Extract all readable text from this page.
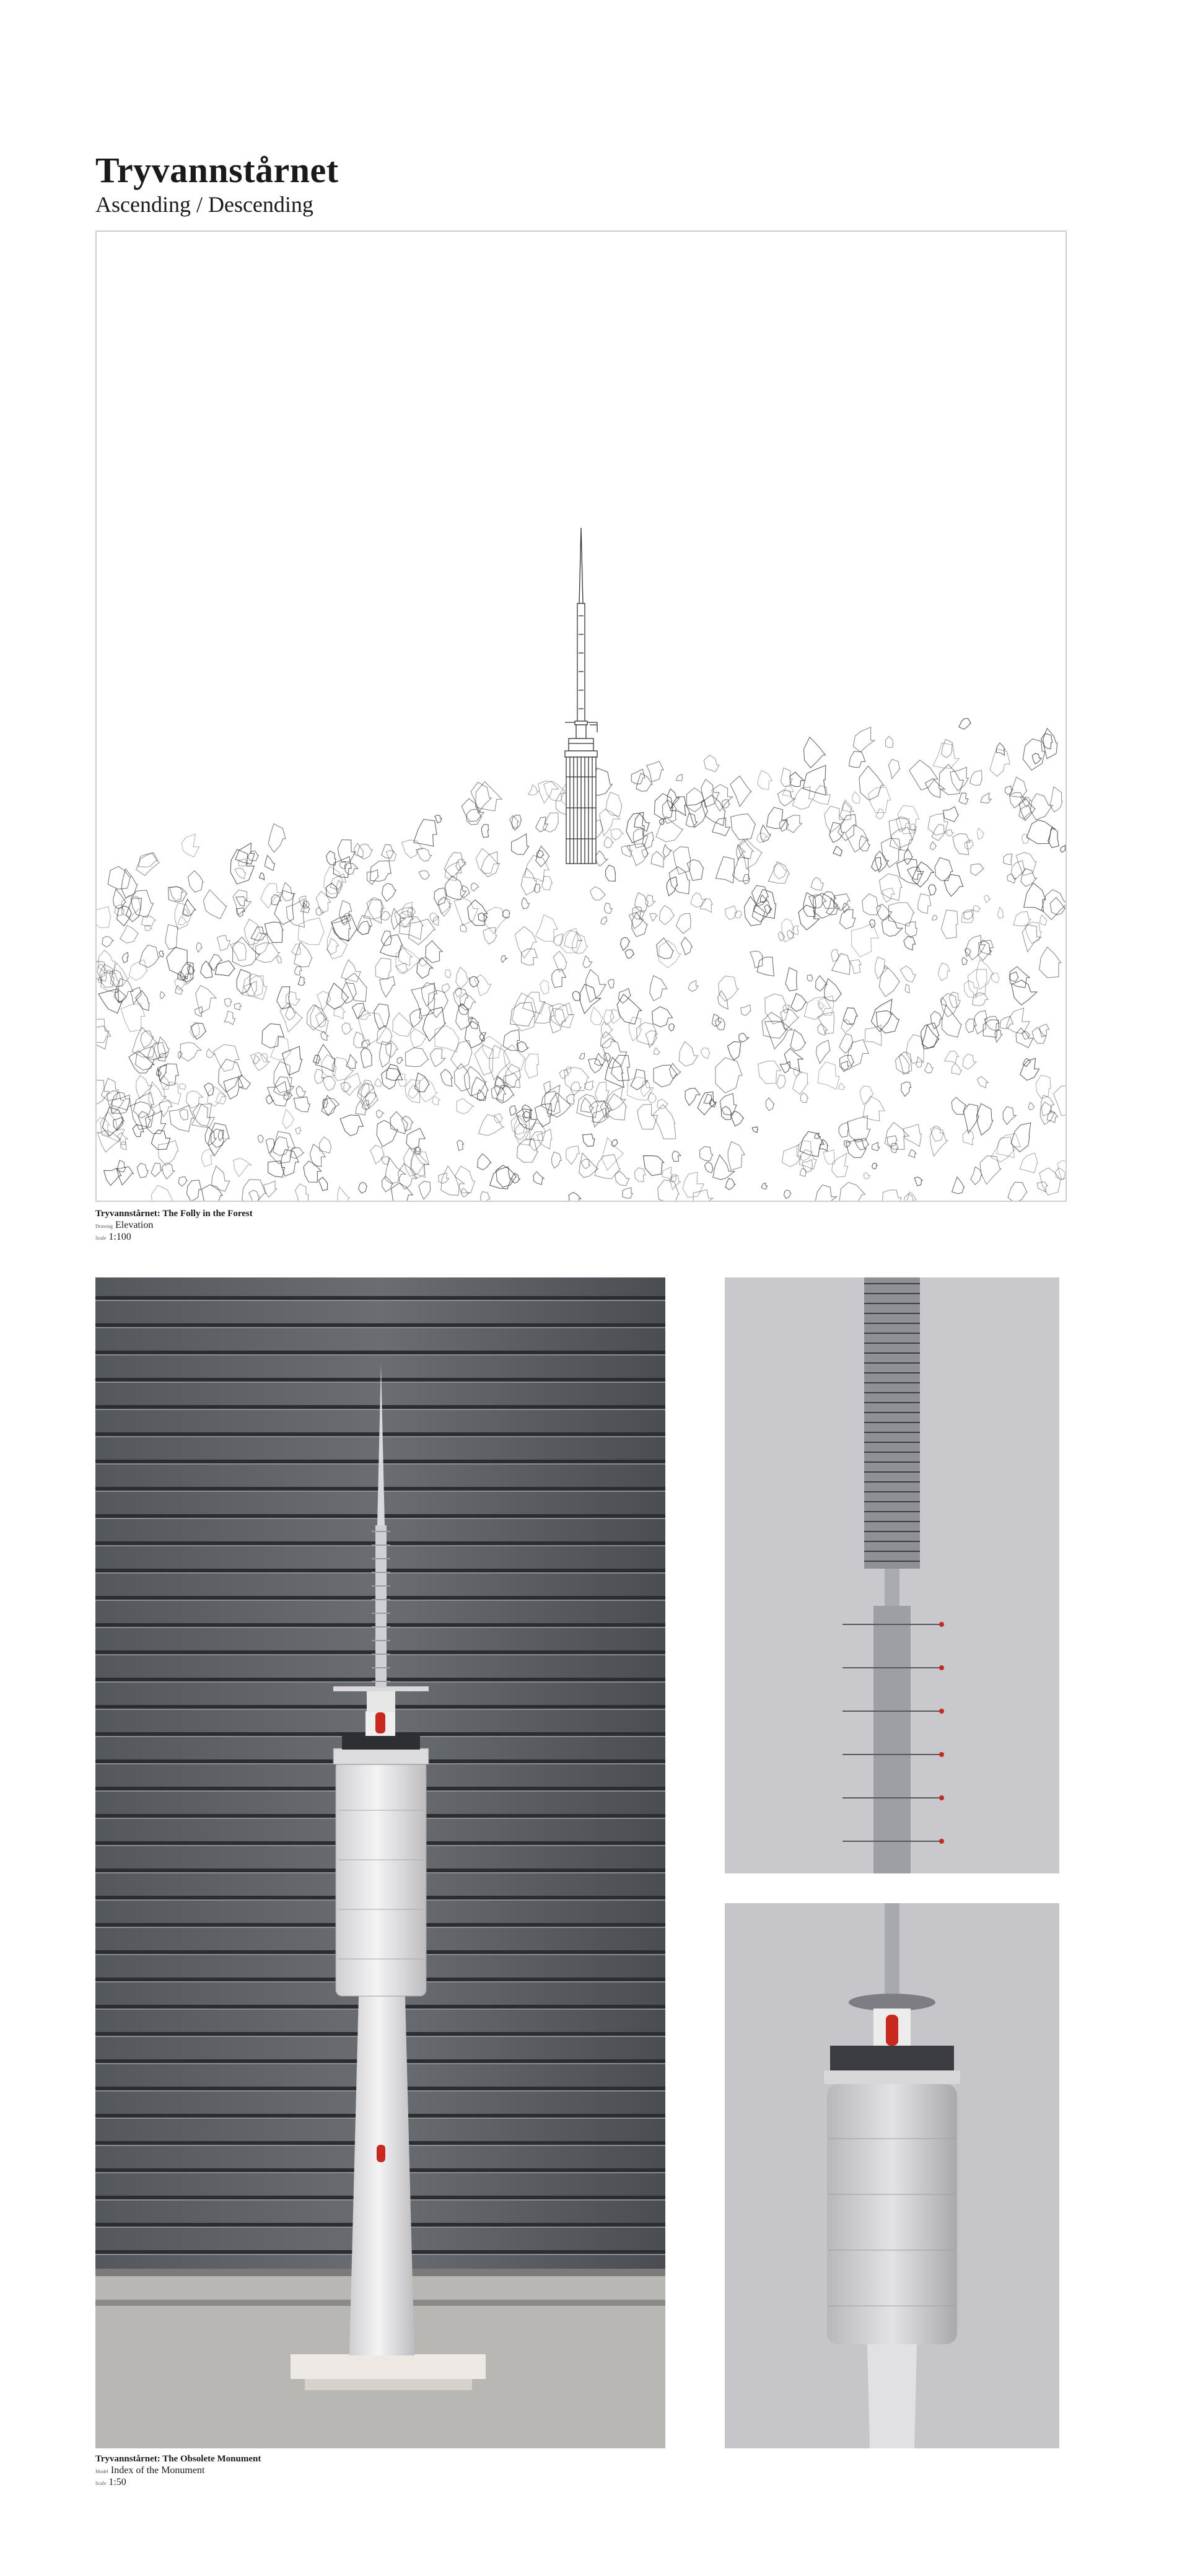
Tryvannstårnet
Ascending / Descending
Tryvannstårnet: The Folly in the Forest
Drawing Elevation
Scale 1:100
Tryvannstårnet: The Obsolete Monument
Model Index of the Monument
Scale 1:50
